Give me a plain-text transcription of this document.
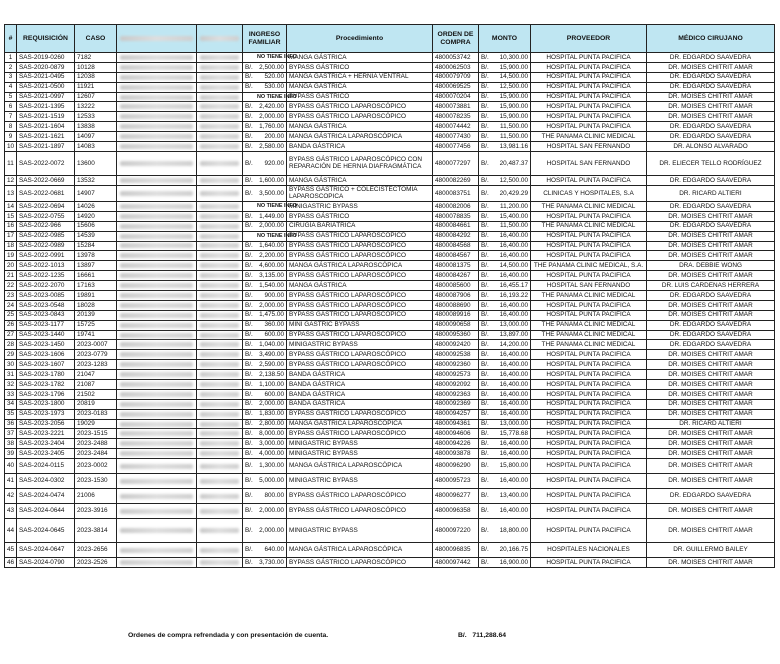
#	REQUISICIÓN	CASO			INGRESO FAMILIAR	Procedimiento	ORDEN DE COMPRA	MONTO	PROVEEDOR	MÉDICO CIRUJANO
1	SAS-2019-0260	7182			NO TIENE INFO	MANGA GÁSTRICA	4800053742	B/. 10,300.00	HOSPITAL PUNTA PACIFICA	DR. EDGARDO SAAVEDRA
2	SAS-2020-0879	10128			B/. 2,500.00	BYPASS GÁSTRICO	4800062503	B/. 15,900.00	HOSPITAL PUNTA PACIFICA	DR. MOISES CHITRIT AMAR
3	SAS-2021-0495	12038			B/. 520.00	MANGA GÁSTRICA + HERNIA VENTRAL	4800079709	B/. 14,500.00	HOSPITAL PUNTA PACIFICA	DR. EDGARDO SAAVEDRA
4	SAS-2021-0500	11921			B/. 530.00	MANGA GÁSTRICA	4800069525	B/. 12,500.00	HOSPITAL PUNTA PACIFICA	DR. EDGARDO SAAVEDRA
5	SAS-2021-0997	12607			NO TIENE INFO	BYPASS GÁSTRICO	4800070204	B/. 15,900.00	HOSPITAL PUNTA PACIFICA	DR. MOISES CHITRIT AMAR
6	SAS-2021-1395	13222			B/. 2,420.00	BYPASS GÁSTRICO LAPAROSCÓPICO	4800073881	B/. 15,900.00	HOSPITAL PUNTA PACIFICA	DR. MOISES CHITRIT AMAR
7	SAS-2021-1519	12533			B/. 2,000.00	BYPASS GÁSTRICO LAPAROSCÓPICO	4800078235	B/. 15,900.00	HOSPITAL PUNTA PACIFICA	DR. MOISES CHITRIT AMAR
8	SAS-2021-1604	13838			B/. 1,760.00	MANGA GÁSTRICA	4800074442	B/. 11,500.00	HOSPITAL PUNTA PACIFICA	DR. EDGARDO SAAVEDRA
9	SAS-2021-1621	14097			B/. 200.00	MANGA GÁSTRICA LAPAROSCÓPICA	4800077430	B/. 11,500.00	THE PANAMA CLINIC MEDICAL	DR. EDGARDO SAAVEDRA
10	SAS-2021-1897	14083			B/. 2,580.00	BANDA GÁSTRICA	4800077456	B/. 13,981.16	HOSPITAL SAN FERNANDO	DR. ALONSO ALVARADO
11	SAS-2022-0072	13600			B/. 920.00	BYPASS GÁSTRICO LAPAROSCÓPICO CON REPARACIÓN DE HERNIA DIAFRAGMÁTICA	4800077297	B/. 20,487.37	HOSPITAL SAN FERNANDO	DR. ELIECER TELLO RODRÍGUEZ
12	SAS-2022-0669	13532			B/. 1,600.00	MANGA GÁSTRICA	4800082269	B/. 12,500.00	HOSPITAL PUNTA PACIFICA	DR. EDGARDO SAAVEDRA
13	SAS-2022-0681	14907			B/. 3,500.00	BYPASS GÁSTRICO + COLECISTECTOMIA LAPAROSCOPICA	4800083751	B/. 20,429.29	CLINICAS Y HOSPITALES, S.A	DR. RICARD ALTIERI
14	SAS-2022-0694	14026			NO TIENE INFO	MINIGASTRIC BYPASS	4800082006	B/. 11,200.00	THE PANAMA CLINIC MEDICAL	DR. EDGARDO SAAVEDRA
15	SAS-2022-0755	14920			B/. 1,449.00	BYPASS GÁSTRICO	4800078835	B/. 15,400.00	HOSPITAL PUNTA PACIFICA	DR. MOISES CHITRIT AMAR
16	SAS-2022-966	15606			B/. 2,000.00	CIRUGÍA BARIÁTRICA	4800084661	B/. 11,500.00	THE PANAMA CLINIC MEDICAL	DR. EDGARDO SAAVEDRA
17	SAS-2022-0985	14539			NO TIENE INFO	BYPASS GÁSTRICO LAPAROSCÓPICO	4800084292	B/. 16,400.00	HOSPITAL PUNTA PACIFICA	DR. MOISES CHITRIT AMAR
18	SAS-2022-0989	15284			B/. 1,640.00	BYPASS GÁSTRICO LAPAROSCÓPICO	4800084568	B/. 16,400.00	HOSPITAL PUNTA PACIFICA	DR. MOISES CHITRIT AMAR
19	SAS-2022-0991	13978			B/. 2,200.00	BYPASS GÁSTRICO LAPAROSCÓPICO	4800084567	B/. 16,400.00	HOSPITAL PUNTA PACIFICA	DR. MOISES CHITRIT AMAR
20	SAS-2022-1013	13897			B/. 4,600.00	MANGA GÁSTRICA LAPAROSCÓPICA	4800081375	B/. 14,500.00	THE PANAMA CLINIC MEDICAL, S.A.	DRA. DEBBIE WONG
21	SAS-2022-1235	16661			B/. 3,135.00	BYPASS GÁSTRICO LAPAROSCÓPICO	4800084267	B/. 16,400.00	HOSPITAL PUNTA PACIFICA	DR. MOISES CHITRIT AMAR
22	SAS-2022-2070	17163			B/. 1,540.00	MANGA GÁSTRICA	4800085600	B/. 16,455.17	HOSPITAL SAN FERNANDO	DR. LUIS CARDENAS HERRERA
23	SAS-2023-0085	19891			B/. 900.00	BYPASS GÁSTRICO LAPAROSCÓPICO	4800087906	B/. 16,193.22	THE PANAMA CLINIC MEDICAL	DR. EDGARDO SAAVEDRA
24	SAS-2023-0548	18028			B/. 2,000.00	BYPASS GÁSTRICO LAPAROSCÓPICO	4800088690	B/. 16,400.00	HOSPITAL PUNTA PACIFICA	DR. MOISES CHITRIT AMAR
25	SAS-2023-0843	20139			B/. 1,475.00	BYPASS GÁSTRICO LAPAROSCÓPICO	4800089916	B/. 16,400.00	HOSPITAL PUNTA PACIFICA	DR. MOISES CHITRIT AMAR
26	SAS-2023-1177	15725			B/. 360.00	MINI GASTRIC BYPASS	4800090658	B/. 13,000.00	THE PANAMA CLINIC MEDICAL	DR. EDGARDO SAAVEDRA
27	SAS-2023-1440	19741			B/. 600.00	BYPASS GÁSTRICO LAPAROSCÓPICO	4800095360	B/. 13,897.00	THE PANAMA CLINIC MEDICAL	DR. EDGARDO SAAVEDRA
28	SAS-2023-1450	2023-0007			B/. 1,040.00	MINIGASTRIC BYPASS	4800092420	B/. 14,200.00	THE PANAMA CLINIC MEDICAL	DR. EDGARDO SAAVEDRA
29	SAS-2023-1606	2023-0779			B/. 3,490.00	BYPASS GÁSTRICO LAPAROSCÓPICO	4800092538	B/. 16,400.00	HOSPITAL PUNTA PACIFICA	DR. MOISES CHITRIT AMAR
30	SAS-2023-1607	2023-1283			B/. 2,590.00	BYPASS GÁSTRICO LAPAROSCÓPICO	4800092360	B/. 16,400.00	HOSPITAL PUNTA PACIFICA	DR. MOISES CHITRIT AMAR
31	SAS-2023-1780	21047			B/. 2,138.50	BANDA GÁSTRICA	4800092573	B/. 16,400.00	HOSPITAL PUNTA PACIFICA	DR. MOISES CHITRIT AMAR
32	SAS-2023-1782	21087			B/. 1,100.00	BANDA GÁSTRICA	4800092092	B/. 16,400.00	HOSPITAL PUNTA PACIFICA	DR. MOISES CHITRIT AMAR
33	SAS-2023-1796	21502			B/. 600.00	BANDA GÁSTRICA	4800092363	B/. 16,400.00	HOSPITAL PUNTA PACIFICA	DR. MOISES CHITRIT AMAR
34	SAS-2023-1800	20819			B/. 2,000.00	BANDA GÁSTRICA	4800092369	B/. 16,400.00	HOSPITAL PUNTA PACIFICA	DR. MOISES CHITRIT AMAR
35	SAS-2023-1973	2023-0183			B/. 1,830.00	BYPASS GÁSTRICO LAPAROSCÓPICO	4800094257	B/. 16,400.00	HOSPITAL PUNTA PACIFICA	DR. MOISES CHITRIT AMAR
36	SAS-2023-2056	19029			B/. 2,800.00	MANGA GÁSTRICA LAPAROSCÓPICA	4800094361	B/. 13,000.00	HOSPITAL PUNTA PACIFICA	DR. RICARD ALTIERI
37	SAS-2023-2221	2023-1515			B/. 8,000.00	BYPASS GÁSTRICO LAPAROSCÓPICO	4800094606	B/. 15,778.68	HOSPITAL PUNTA PACIFICA	DR. MOISES CHITRIT AMAR
38	SAS-2023-2404	2023-2488			B/. 3,000.00	MINIGASTRIC BYPASS	4800094226	B/. 16,400.00	HOSPITAL PUNTA PACIFICA	DR. MOISES CHITRIT AMAR
39	SAS-2023-2405	2023-2484			B/. 4,000.00	MINIGASTRIC BYPASS	4800093878	B/. 16,400.00	HOSPITAL PUNTA PACIFICA	DR. MOISES CHITRIT AMAR
40	SAS-2024-0115	2023-0002			B/. 1,300.00	MANGA GÁSTRICA LAPAROSCÓPICA	4800096290	B/. 15,800.00	HOSPITAL PUNTA PACIFICA	DR. MOISES CHITRIT AMAR
41	SAS-2024-0302	2023-1530			B/. 5,000.00	MINIGASTRIC BYPASS	4800095723	B/. 16,400.00	HOSPITAL PUNTA PACIFICA	DR. MOISES CHITRIT AMAR
42	SAS-2024-0474	21006			B/. 800.00	BYPASS GÁSTRICO LAPAROSCÓPICO	4800096277	B/. 13,400.00	HOSPITAL PUNTA PACIFICA	DR. EDGARDO SAAVEDRA
43	SAS-2024-0644	2023-3916			B/. 2,000.00	BYPASS GÁSTRICO LAPAROSCÓPICO	4800096358	B/. 16,400.00	HOSPITAL PUNTA PACIFICA	DR. MOISES CHITRIT AMAR
44	SAS-2024-0645	2023-3814			B/. 2,000.00	MINIGASTRIC BYPASS	4800097220	B/. 18,800.00	HOSPITAL PUNTA PACIFICA	DR. MOISES CHITRIT AMAR
45	SAS-2024-0647	2023-2656			B/. 640.00	MANGA GÁSTRICA LAPAROSCÓPICA	4800096835	B/. 20,166.75	HOSPITALES NACIONALES	DR. GUILLERMO BAILEY
46	SAS-2024-0790	2023-2526			B/. 3,730.00	BYPASS GÁSTRICO LAPAROSCÓPICO	4800097442	B/. 16,900.00	HOSPITAL PUNTA PACIFICA	DR. MOISES CHITRIT AMAR
Ordenes de compra refrendada y con presentación de cuenta.	B/. 711,288.64
